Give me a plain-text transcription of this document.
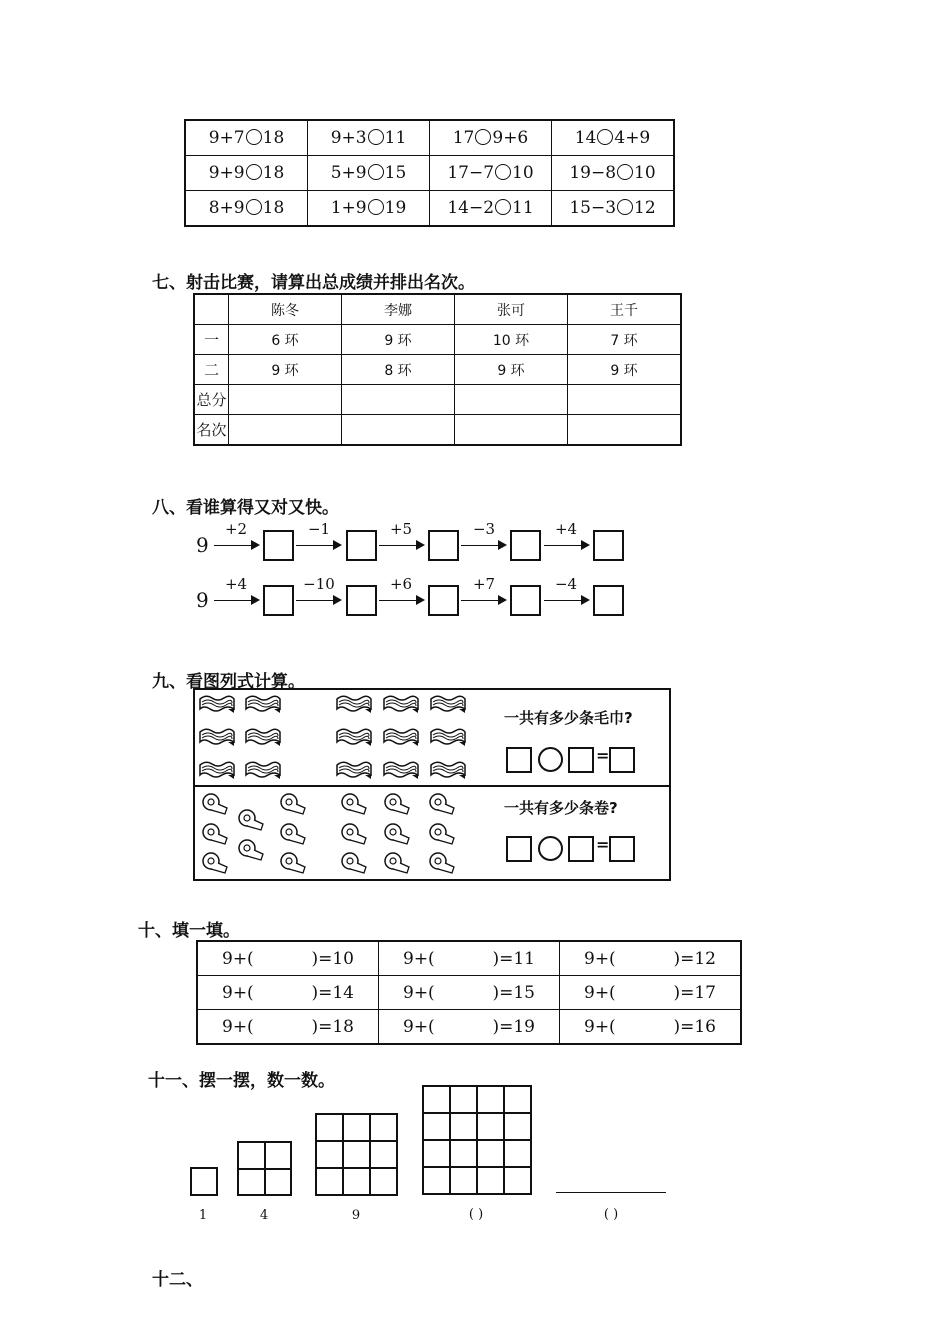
9+7 18	9+3 11	17 9+6	14 4+9
9+9 18	5+9 15	17−7 10	19−8 10
8+9 18	1+9 19	14−2 11	15−3 12
七、射击比赛，请算出总成绩并排出名次。
	陈冬	李娜	张可	王千
一	6 环	9 环	10 环	7 环
二	9 环	8 环	9 环	9 环
总分				
名次				
八、看谁算得又对又快。
9
+2	−1	+5	−3	+4
9
+4	−10	+6	+7	−4
九、看图列式计算。
一共有多少条毛巾?
=
一共有多少条卷?
=
十、填一填。
9+( )=10	9+( )=11	9+( )=12

9+( )=14	9+( )=15	9+( )=17

9+( )=18	9+( )=19	9+( )=16
十一、摆一摆，数一数。
1	4	9	( )	( )
十二、
